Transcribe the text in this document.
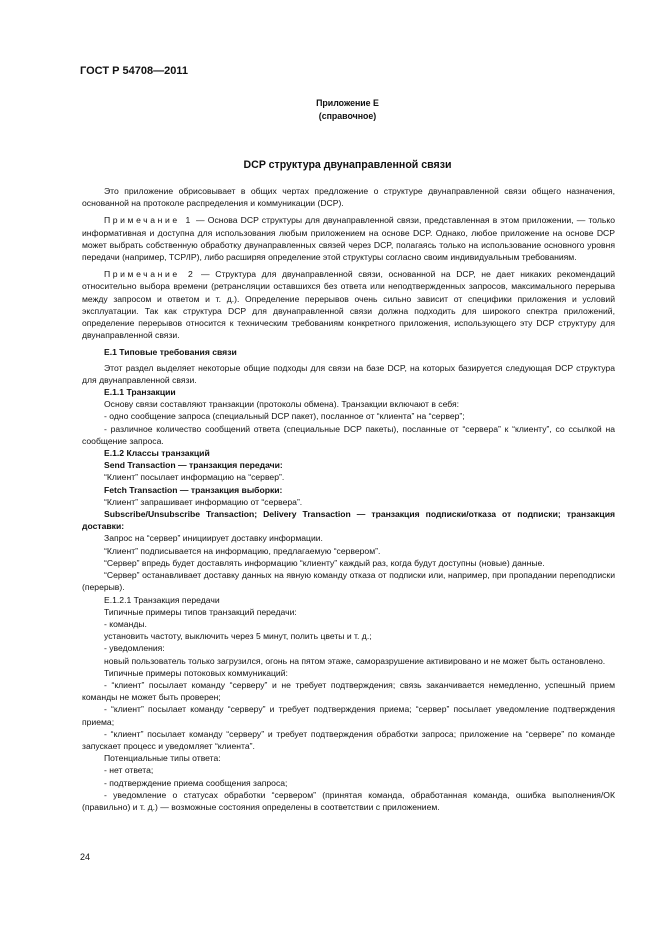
ГОСТ Р 54708—2011
Приложение Е
(справочное)
DCP структура двунаправленной связи

Это приложение обрисовывает в общих чертах предложение о структуре двунаправленной связи общего назначения, основанной на протоколе распределения и коммуникации (DCP).

Примечание 1 — Основа DCP структуры для двунаправленной связи, представленная в этом приложении, — только информативная и доступна для использования любым приложением на основе DCP. Однако, любое приложение на основе DCP может выбрать собственную обработку двунаправленных связей через DCP, полагаясь только на использование основного уровня передачи (например, TCP/IP), либо расширяя определение этой структуры согласно своим индивидуальным требованиям.

Примечание 2 — Структура для двунаправленной связи, основанной на DCP, не дает никаких рекомендаций относительно выбора времени (ретрансляции оставшихся без ответа или неподтвержденных запросов, максимального перерыва между запросом и ответом и т. д.). Определение перерывов очень сильно зависит от специфики приложения и условий эксплуатации. Так как структура DCP для двунаправленной связи должна подходить для широкого спектра приложений, определение перерывов относится к техническим требованиям конкретного приложения, использующего эту DCP структуру для двунаправленной связи.

Е.1 Типовые требования связи

Этот раздел выделяет некоторые общие подходы для связи на базе DCP, на которых базируется следующая DCP структура для двунаправленной связи.

Е.1.1 Транзакции

Основу связи составляют транзакции (протоколы обмена). Транзакции включают в себя:

- одно сообщение запроса (специальный DCP пакет), посланное от “клиента” на “сервер”;

- различное количество сообщений ответа (специальные DCP пакеты), посланные от “сервера” к “клиенту”, со ссылкой на сообщение запроса.

Е.1.2 Классы транзакций

Send Transaction — транзакция передачи:

“Клиент” посылает информацию на “сервер”.

Fetch Transaction — транзакция выборки:

“Клиент” запрашивает информацию от “сервера”.

Subscribe/Unsubscribe Transaction; Delivery Transaction — транзакция подписки/отказа от подписки; транзакция доставки:

Запрос на “сервер” инициирует доставку информации.

“Клиент” подписывается на информацию, предлагаемую “сервером”.

“Сервер” впредь будет доставлять информацию “клиенту” каждый раз, когда будут доступны (новые) данные.

“Сервер” останавливает доставку данных на явную команду отказа от подписки или, например, при пропадании переподписки (перерыв).

Е.1.2.1 Транзакция передачи

Типичные примеры типов транзакций передачи:

- команды.

установить частоту, выключить через 5 минут, полить цветы и т. д.;

- уведомления:

новый пользователь только загрузился, огонь на пятом этаже, саморазрушение активировано и не может быть остановлено.

Типичные примеры потоковых коммуникаций:

- “клиент” посылает команду “серверу” и не требует подтверждения; связь заканчивается немедленно, успешный прием команды не может быть проверен;

- “клиент” посылает команду “серверу” и требует подтверждения приема; “сервер” посылает уведомление подтверждения приема;

- “клиент” посылает команду “серверу” и требует подтверждения обработки запроса; приложение на “сервере” по команде запускает процесс и уведомляет “клиента”.

Потенциальные типы ответа:

- нет ответа;

- подтверждение приема сообщения запроса;

- уведомление о статусах обработки “сервером” (принятая команда, обработанная команда, ошибка выполнения/ОК (правильно) и т. д.) — возможные состояния определены в соответствии с приложением.

24
